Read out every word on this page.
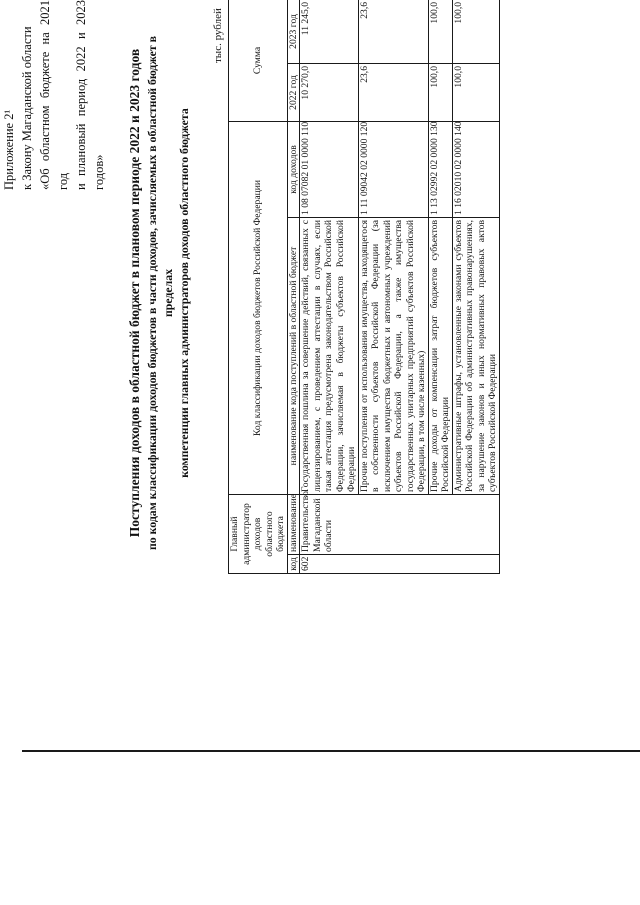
Приложение 2¹ к Закону Магаданской области «Об областном бюджете на 2021 год и плановый период 2022 и 2023 годов» Поступления доходов в областной бюджет в плановом периоде 2022 и 2023 годов по кодам классификации доходов бюджетов в части доходов, зачисляемых в областной бюджет в пределах компетенции главных администраторов доходов областного бюджета
тыс. рублей
Главный администратор доходов областного бюджета		Код классификации доходов бюджетов Российской Федерации		Сумма	
код	наименование	наименование кода поступлений в областной бюджет	код доходов	2022 год	2023 год
602	Правительство Магаданской области	Государственная пошлина за совершение действий, связанных с лицензированием, с проведением аттестации в случаях, если такая аттестация предусмотрена законодательством Российской Федерации, зачисляемая в бюджеты субъектов Российской Федерации	1 08 07082 01 0000 110	10 270,0	11 245,0
		Прочие поступления от использования имущества, находящегося в собственности субъектов Российской Федерации (за исключением имущества бюджетных и автономных учреждений субъектов Российской Федерации, а также имущества государственных унитарных предприятий субъектов Российской Федерации, в том числе казенных)	1 11 09042 02 0000 120	23,6	23,6
		Прочие доходы от компенсации затрат бюджетов субъектов Российской Федерации	1 13 02992 02 0000 130	100,0	100,0
		Административные штрафы, установленные законами субъектов Российской Федерации об административных правонарушениях, за нарушение законов и иных нормативных правовых актов субъектов Российской Федерации	1 16 02010 02 0000 140	100,0	100,0
